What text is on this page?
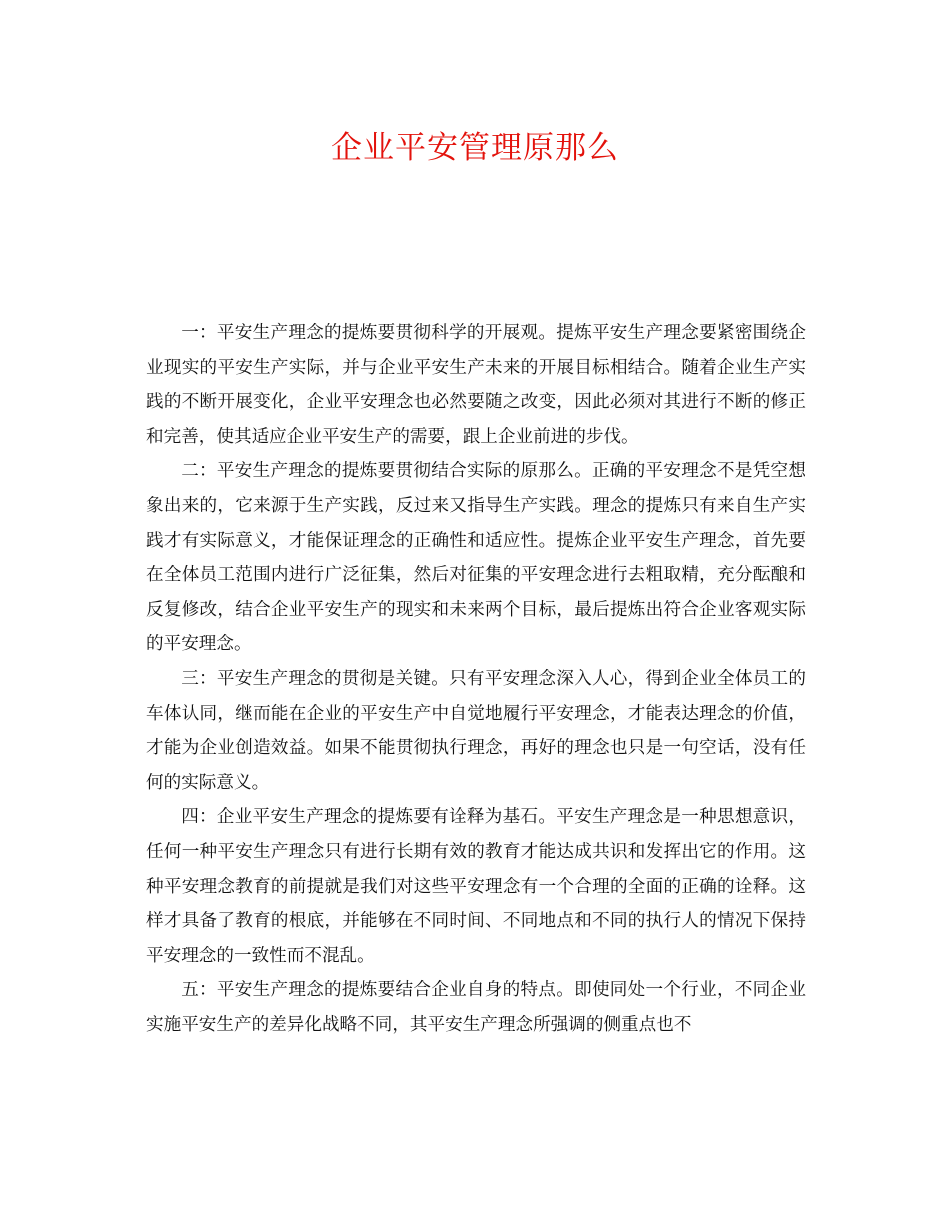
企业平安管理原那么

一：平安生产理念的提炼要贯彻科学的开展观。提炼平安生产理念要紧密围绕企业现实的平安生产实际，并与企业平安生产未来的开展目标相结合。随着企业生产实践的不断开展变化，企业平安理念也必然要随之改变，因此必须对其进行不断的修正和完善，使其适应企业平安生产的需要，跟上企业前进的步伐。

二：平安生产理念的提炼要贯彻结合实际的原那么。正确的平安理念不是凭空想象出来的，它来源于生产实践，反过来又指导生产实践。理念的提炼只有来自生产实践才有实际意义，才能保证理念的正确性和适应性。提炼企业平安生产理念，首先要在全体员工范围内进行广泛征集，然后对征集的平安理念进行去粗取精，充分酝酿和反复修改，结合企业平安生产的现实和未来两个目标，最后提炼出符合企业客观实际的平安理念。

三：平安生产理念的贯彻是关键。只有平安理念深入人心，得到企业全体员工的车体认同，继而能在企业的平安生产中自觉地履行平安理念，才能表达理念的价值，才能为企业创造效益。如果不能贯彻执行理念，再好的理念也只是一句空话，没有任何的实际意义。

四：企业平安生产理念的提炼要有诠释为基石。平安生产理念是一种思想意识，任何一种平安生产理念只有进行长期有效的教育才能达成共识和发挥出它的作用。这种平安理念教育的前提就是我们对这些平安理念有一个合理的全面的正确的诠释。这样才具备了教育的根底，并能够在不同时间、不同地点和不同的执行人的情况下保持平安理念的一致性而不混乱。

五：平安生产理念的提炼要结合企业自身的特点。即使同处一个行业，不同企业实施平安生产的差异化战略不同，其平安生产理念所强调的侧重点也不
